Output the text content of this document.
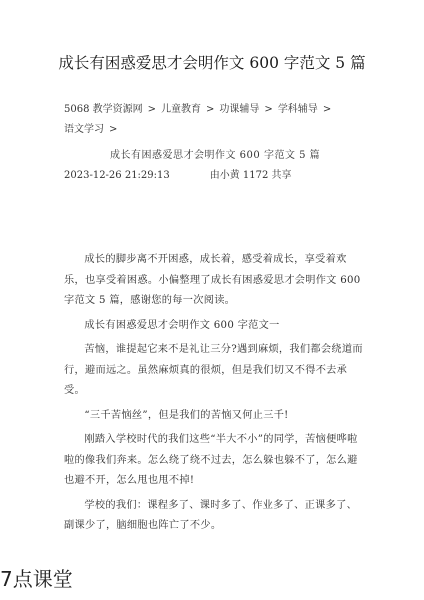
成长有困惑爱思才会明作文 600 字范文 5 篇
5068 教学资源网 > 儿童教育 > 功课辅导 > 学科辅导 >
语文学习 >
成长有困惑爱思才会明作文 600 字范文 5 篇
2023-12-26 21:29:13	由小黄 1172 共享

成长的脚步离不开困惑，成长着，感受着成长，享受着欢乐，也享受着困惑。小偏整理了成长有困惑爱思才会明作文 600 字范文 5 篇，感谢您的每一次阅读。

成长有困惑爱思才会明作文 600 字范文一

苦恼，谁提起它来不是礼让三分?遇到麻烦，我们都会绕道而行，避而远之。虽然麻烦真的很烦，但是我们切又不得不去承受。

“三千苦恼丝”，但是我们的苦恼又何止三千!

刚踏入学校时代的我们这些“半大不小”的同学，苦恼便哗啦啦的像我们奔来。怎么绕了绕不过去，怎么躲也躲不了，怎么避也避不开，怎么甩也甩不掉!

学校的我们：课程多了、课时多了、作业多了、正课多了、副课少了，脑细胞也阵亡了不少。

7点课堂
